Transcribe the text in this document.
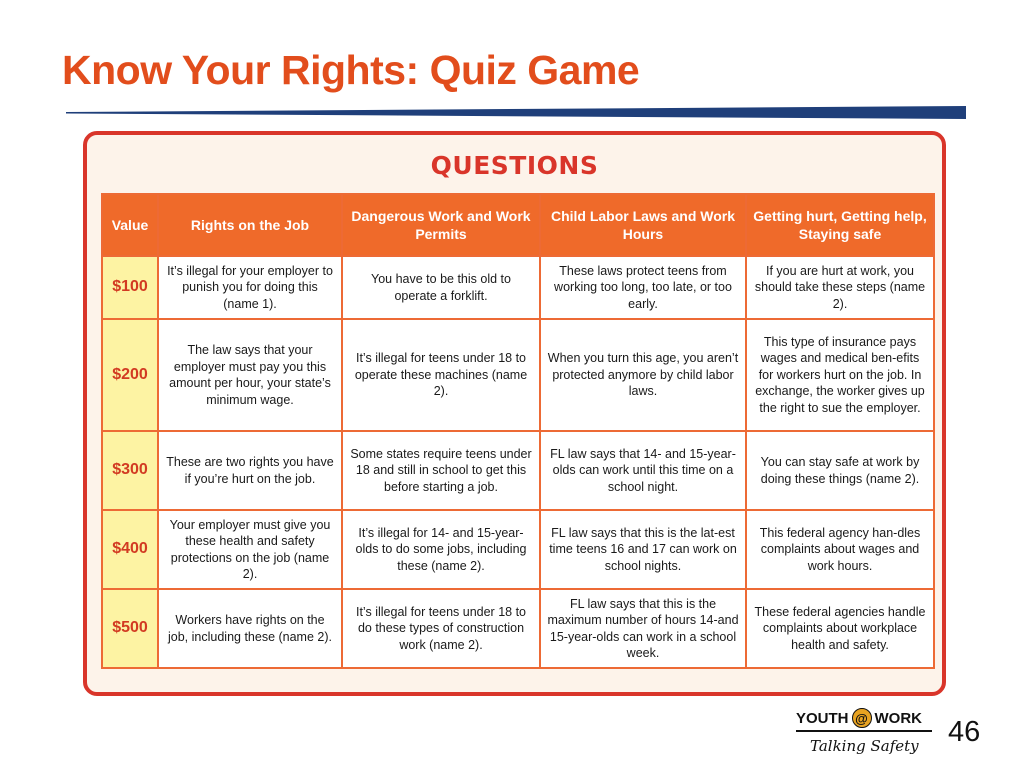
Know Your Rights: Quiz Game
QUESTIONS
Value	Rights on the Job	Dangerous Work and Work Permits	Child Labor Laws and Work Hours	Getting hurt, Getting help, Staying safe
$100	It’s illegal for your employer to punish you for doing this (name 1).	You have to be this old to operate a forklift.	These laws protect teens from working too long, too late, or too early.	If you are hurt at work, you should take these steps (name 2).
$200	The law says that your employer must pay you this amount per hour, your state’s minimum wage.	It’s illegal for teens under 18 to operate these machines (name 2).	When you turn this age, you aren’t protected anymore by child labor laws.	This type of insurance pays wages and medical ben-efits for workers hurt on the job. In exchange, the worker gives up the right to sue the employer.
$300	These are two rights you have if you’re hurt on the job.	Some states require teens under 18 and still in school to get this before starting a job.	FL law says that 14- and 15-year-olds can work until this time on a school night.	You can stay safe at work by doing these things (name 2).
$400	Your employer must give you these health and safety protections on the job (name 2).	It’s illegal for 14- and 15-year-olds to do some jobs, including these (name 2).	FL law says that this is the lat-est time teens 16 and 17 can work on school nights.	This federal agency han-dles complaints about wages and work hours.
$500	Workers have rights on the job, including these (name 2).	It’s illegal for teens under 18 to do these types of construction work (name 2).	FL law says that this is the maximum number of hours 14-and 15-year-olds can work in a school week.	These federal agencies handle complaints about workplace health and safety.
YOUTH @ WORK
Talking Safety	46
